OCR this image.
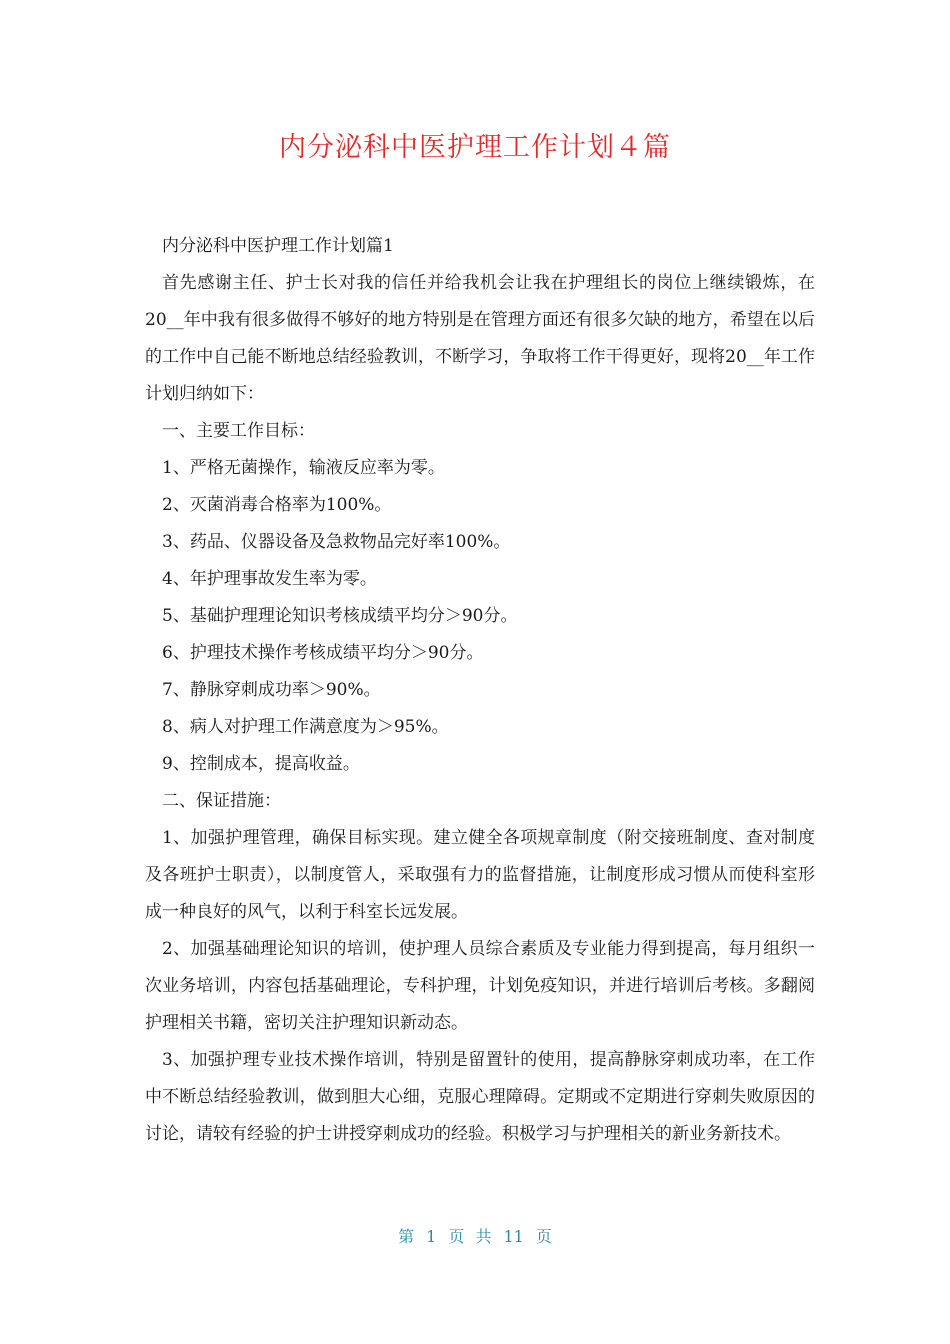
内分泌科中医护理工作计划４篇

内分泌科中医护理工作计划篇1

首先感谢主任、护士长对我的信任并给我机会让我在护理组长的岗位上继续锻炼，在20__年中我有很多做得不够好的地方特别是在管理方面还有很多欠缺的地方，希望在以后的工作中自己能不断地总结经验教训，不断学习，争取将工作干得更好，现将20__年工作计划归纳如下：

一、主要工作目标：

1、严格无菌操作，输液反应率为零。

2、灭菌消毒合格率为100%。

3、药品、仪器设备及急救物品完好率100%。

4、年护理事故发生率为零。

5、基础护理理论知识考核成绩平均分＞90分。

6、护理技术操作考核成绩平均分＞90分。

7、静脉穿刺成功率＞90%。

8、病人对护理工作满意度为＞95%。

9、控制成本，提高收益。

二、保证措施：

1、加强护理管理，确保目标实现。建立健全各项规章制度（附交接班制度、查对制度及各班护士职责），以制度管人，采取强有力的监督措施，让制度形成习惯从而使科室形成一种良好的风气，以利于科室长远发展。

2、加强基础理论知识的培训，使护理人员综合素质及专业能力得到提高，每月组织一次业务培训，内容包括基础理论，专科护理，计划免疫知识，并进行培训后考核。多翻阅护理相关书籍，密切关注护理知识新动态。

3、加强护理专业技术操作培训，特别是留置针的使用，提高静脉穿刺成功率，在工作中不断总结经验教训，做到胆大心细，克服心理障碍。定期或不定期进行穿刺失败原因的讨论，请较有经验的护士讲授穿刺成功的经验。积极学习与护理相关的新业务新技术。

第 1 页 共 11 页
